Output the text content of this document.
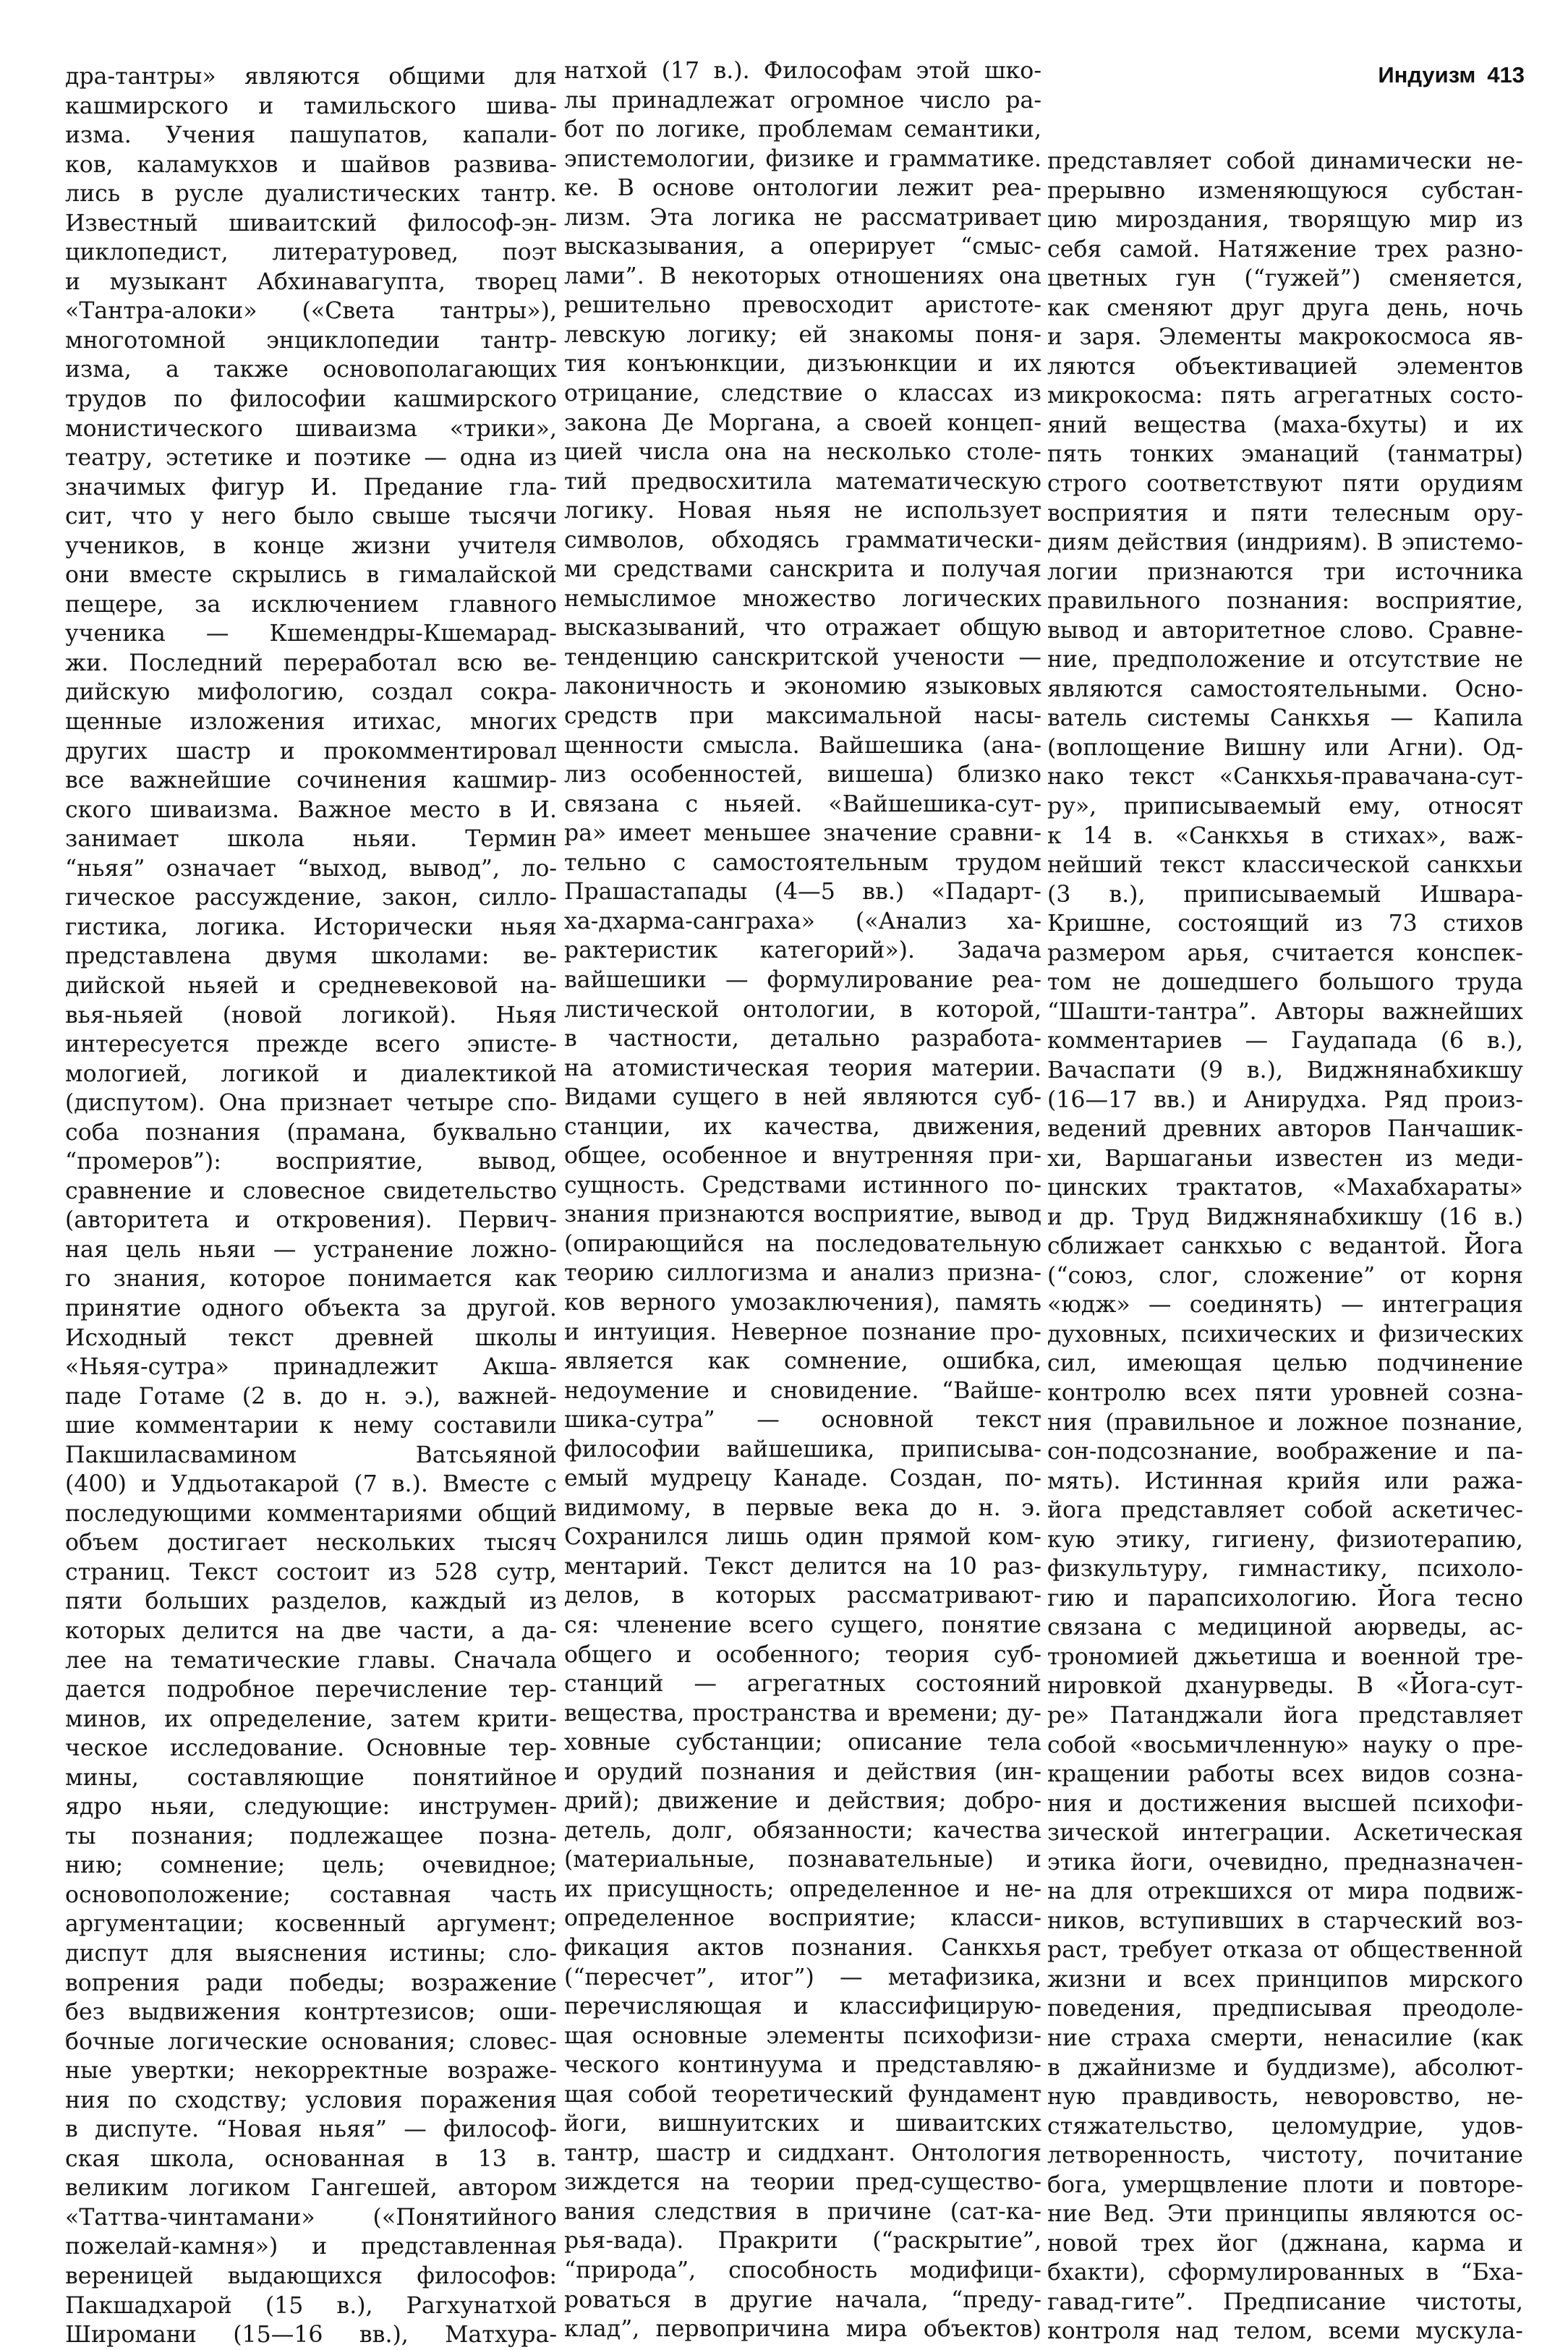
Индуизм 413
дра-тантры» являются общими для
кашмирского и тамильского шива-
изма. Учения пашупатов, капали-
ков, каламукхов и шайвов развива-
лись в русле дуалистических тантр.
Известный шиваитский философ-эн-
циклопедист, литературовед, поэт
и музыкант Абхинавагупта, творец
«Тантра-алоки» («Света тантры»),
многотомной энциклопедии тантр-
изма, а также основополагающих
трудов по философии кашмирского
монистического шиваизма «трики»,
театру, эстетике и поэтике — одна из
значимых фигур И. Предание гла-
сит, что у него было свыше тысячи
учеников, в конце жизни учителя
они вместе скрылись в гималайской
пещере, за исключением главного
ученика — Кшемендры-Кшемарад-
жи. Последний переработал всю ве-
дийскую мифологию, создал сокра-
щенные изложения итихас, многих
других шастр и прокомментировал
все важнейшие сочинения кашмир-
ского шиваизма. Важное место в И.
занимает школа ньяи. Термин
“ньяя” означает “выход, вывод”, ло-
гическое рассуждение, закон, силло-
гистика, логика. Исторически ньяя
представлена двумя школами: ве-
дийской ньяей и средневековой на-
вья-ньяей (новой логикой). Ньяя
интересуется прежде всего эписте-
мологией, логикой и диалектикой
(диспутом). Она признает четыре спо-
соба познания (прамана, буквально
“промеров”): восприятие, вывод,
сравнение и словесное свидетельство
(авторитета и откровения). Первич-
ная цель ньяи — устранение ложно-
го знания, которое понимается как
принятие одного объекта за другой.
Исходный текст древней школы
«Ньяя-сутра» принадлежит Акша-
паде Готаме (2 в. до н. э.), важней-
шие комментарии к нему составили
Пакшиласвамином Ватсьяяной
(400) и Уддьотакарой (7 в.). Вместе с
последующими комментариями общий
объем достигает нескольких тысяч
страниц. Текст состоит из 528 сутр,
пяти больших разделов, каждый из
которых делится на две части, а да-
лее на тематические главы. Сначала
дается подробное перечисление тер-
минов, их определение, затем крити-
ческое исследование. Основные тер-
мины, составляющие понятийное
ядро ньяи, следующие: инструмен-
ты познания; подлежащее позна-
нию; сомнение; цель; очевидное;
основоположение; составная часть
аргументации; косвенный аргумент;
диспут для выяснения истины; сло-
вопрения ради победы; возражение
без выдвижения контртезисов; оши-
бочные логические основания; словес-
ные увертки; некорректные возраже-
ния по сходству; условия поражения
в диспуте. “Новая ньяя” — философ-
ская школа, основанная в 13 в.
великим логиком Гангешей, автором
«Таттва-чинтамани» («Понятийного
пожелай-камня») и представленная
вереницей выдающихся философов:
Пакшадхарой (15 в.), Рагхунатхой
Широмани (15—16 вв.), Матхура-
натхой (17 в.). Философам этой шко-
лы принадлежат огромное число ра-
бот по логике, проблемам семантики,
эпистемологии, физике и грамматике.
ке. В основе онтологии лежит реа-
лизм. Эта логика не рассматривает
высказывания, а оперирует “смыс-
лами”. В некоторых отношениях она
решительно превосходит аристоте-
левскую логику; ей знакомы поня-
тия конъюнкции, дизъюнкции и их
отрицание, следствие о классах из
закона Де Моргана, а своей концеп-
цией числа она на несколько столе-
тий предвосхитила математическую
логику. Новая ньяя не использует
символов, обходясь грамматически-
ми средствами санскрита и получая
немыслимое множество логических
высказываний, что отражает общую
тенденцию санскритской учености —
лаконичность и экономию языковых
средств при максимальной насы-
щенности смысла. Вайшешика (ана-
лиз особенностей, вишеша) близко
связана с ньяей. «Вайшешика-сут-
ра» имеет меньшее значение сравни-
тельно с самостоятельным трудом
Прашастапады (4—5 вв.) «Падарт-
ха-дхарма-санграха» («Анализ ха-
рактеристик категорий»). Задача
вайшешики — формулирование реа-
листической онтологии, в которой,
в частности, детально разработа-
на атомистическая теория материи.
Видами сущего в ней являются суб-
станции, их качества, движения,
общее, особенное и внутренняя при-
сущность. Средствами истинного по-
знания признаются восприятие, вывод
(опирающийся на последовательную
теорию силлогизма и анализ призна-
ков верного умозаключения), память
и интуиция. Неверное познание про-
является как сомнение, ошибка,
недоумение и сновидение. “Вайше-
шика-сутра” — основной текст
философии вайшешика, приписыва-
емый мудрецу Канаде. Создан, по-
видимому, в первые века до н. э.
Сохранился лишь один прямой ком-
ментарий. Текст делится на 10 раз-
делов, в которых рассматривают-
ся: членение всего сущего, понятие
общего и особенного; теория суб-
станций — агрегатных состояний
вещества, пространства и времени; ду-
ховные субстанции; описание тела
и орудий познания и действия (ин-
дрий); движение и действия; добро-
детель, долг, обязанности; качества
(материальные, познавательные) и
их присущность; определенное и не-
определенное восприятие; класси-
фикация актов познания. Санкхья
(“пересчет”, итог”) — метафизика,
перечисляющая и классифицирую-
щая основные элементы психофизи-
ческого континуума и представляю-
щая собой теоретический фундамент
йоги, вишнуитских и шиваитских
тантр, шастр и сиддхант. Онтология
зиждется на теории пред-существо-
вания следствия в причине (сат-ка-
рья-вада). Пракрити (“раскрытие”,
“природа”, способность модифици-
роваться в другие начала, “преду-
клад”, первопричина мира объектов)
представляет собой динамически не-
прерывно изменяющуюся субстан-
цию мироздания, творящую мир из
себя самой. Натяжение трех разно-
цветных гун (“гужей”) сменяется,
как сменяют друг друга день, ночь
и заря. Элементы макрокосмоса яв-
ляются объективацией элементов
микрокосма: пять агрегатных состо-
яний вещества (маха-бхуты) и их
пять тонких эманаций (танматры)
строго соответствуют пяти орудиям
восприятия и пяти телесным ору-
диям действия (индриям). В эпистемо-
логии признаются три источника
правильного познания: восприятие,
вывод и авторитетное слово. Сравне-
ние, предположение и отсутствие не
являются самостоятельными. Осно-
ватель системы Санкхья — Капила
(воплощение Вишну или Агни). Од-
нако текст «Санкхья-правачана-сут-
ру», приписываемый ему, относят
к 14 в. «Санкхья в стихах», важ-
нейший текст классической санкхьи
(3 в.), приписываемый Ишвара-
Кришне, состоящий из 73 стихов
размером арья, считается конспек-
том не дошедшего большого труда
“Шашти-тантра”. Авторы важнейших
комментариев — Гаудапада (6 в.),
Вачаспати (9 в.), Виджнянабхикшу
(16—17 вв.) и Анирудха. Ряд произ-
ведений древних авторов Панчашик-
хи, Варшаганьи известен из меди-
цинских трактатов, «Махабхараты»
и др. Труд Виджнянабхикшу (16 в.)
сближает санкхью с ведантой. Йога
(“союз, слог, сложение” от корня
«юдж» — соединять) — интеграция
духовных, психических и физических
сил, имеющая целью подчинение
контролю всех пяти уровней созна-
ния (правильное и ложное познание,
сон-подсознание, воображение и па-
мять). Истинная крийя или ража-
йога представляет собой аскетичес-
кую этику, гигиену, физиотерапию,
физкультуру, гимнастику, психоло-
гию и парапсихологию. Йога тесно
связана с медициной аюрведы, ас-
трономией джьетиша и военной тре-
нировкой дханурведы. В «Йога-сут-
ре» Патанджали йога представляет
собой «восьмичленную» науку о пре-
кращении работы всех видов созна-
ния и достижения высшей психофи-
зической интеграции. Аскетическая
этика йоги, очевидно, предназначен-
на для отрекшихся от мира подвиж-
ников, вступивших в старческий воз-
раст, требует отказа от общественной
жизни и всех принципов мирского
поведения, предписывая преодоле-
ние страха смерти, ненасилие (как
в джайнизме и буддизме), абсолют-
ную правдивость, неворовство, не-
стяжательство, целомудрие, удов-
летворенность, чистоту, почитание
бога, умерщвление плоти и повторе-
ние Вед. Эти принципы являются ос-
новой трех йог (джнана, карма и
бхакти), сформулированных в “Бха-
гавад-гите”. Предписание чистоты,
контроля над телом, всеми мускула-
